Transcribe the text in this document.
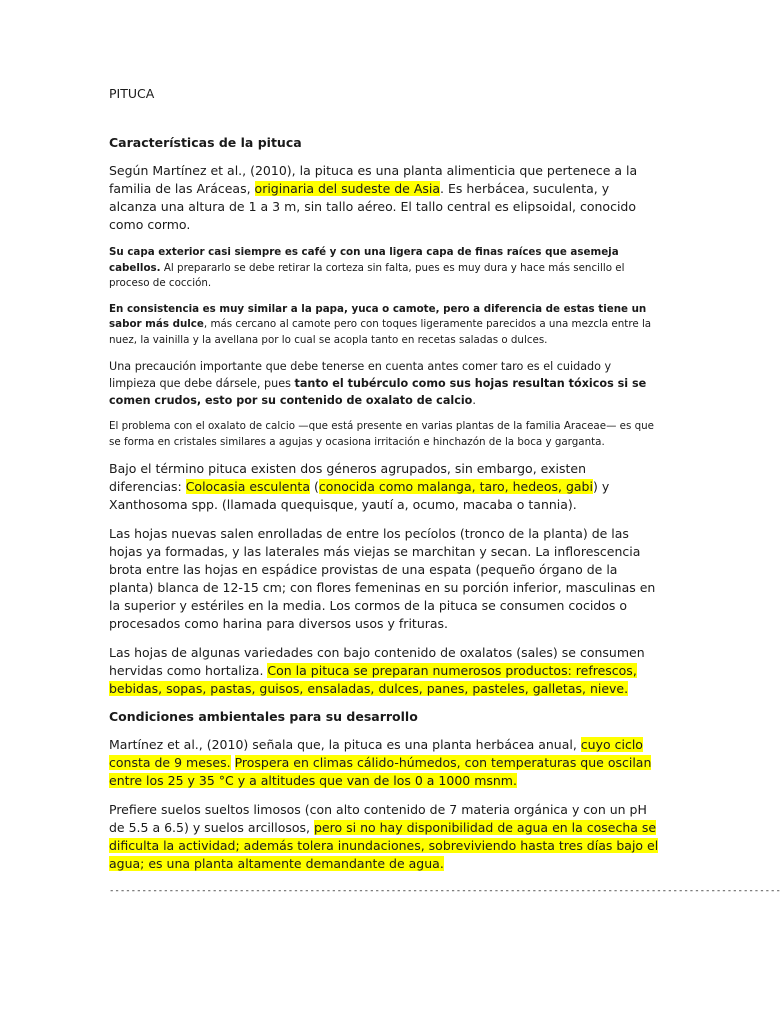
PITUCA

Características de la pituca

Según Martínez et al., (2010), la pituca es una planta alimenticia que pertenece a la familia de las Aráceas, originaria del sudeste de Asia. Es herbácea, suculenta, y alcanza una altura de 1 a 3 m, sin tallo aéreo. El tallo central es elipsoidal, conocido como cormo.

Su capa exterior casi siempre es café y con una ligera capa de finas raíces que asemeja cabellos. Al prepararlo se debe retirar la corteza sin falta, pues es muy dura y hace más sencillo el proceso de cocción.

En consistencia es muy similar a la papa, yuca o camote, pero a diferencia de estas tiene un sabor más dulce, más cercano al camote pero con toques ligeramente parecidos a una mezcla entre la nuez, la vainilla y la avellana por lo cual se acopla tanto en recetas saladas o dulces.

Una precaución importante que debe tenerse en cuenta antes comer taro es el cuidado y limpieza que debe dársele, pues tanto el tubérculo como sus hojas resultan tóxicos si se comen crudos, esto por su contenido de oxalato de calcio.

El problema con el oxalato de calcio —que está presente en varias plantas de la familia Araceae— es que se forma en cristales similares a agujas y ocasiona irritación e hinchazón de la boca y garganta.

Bajo el término pituca existen dos géneros agrupados, sin embargo, existen diferencias: Colocasia esculenta (conocida como malanga, taro, hedeos, gabi) y Xanthosoma spp. (llamada quequisque, yautí a, ocumo, macaba o tannia).

Las hojas nuevas salen enrolladas de entre los pecíolos (tronco de la planta) de las hojas ya formadas, y las laterales más viejas se marchitan y secan. La inflorescencia brota entre las hojas en espádice provistas de una espata (pequeño órgano de la planta) blanca de 12-15 cm; con flores femeninas en su porción inferior, masculinas en la superior y estériles en la media. Los cormos de la pituca se consumen cocidos o procesados como harina para diversos usos y frituras.

Las hojas de algunas variedades con bajo contenido de oxalatos (sales) se consumen hervidas como hortaliza. Con la pituca se preparan numerosos productos: refrescos, bebidas, sopas, pastas, guisos, ensaladas, dulces, panes, pasteles, galletas, nieve.

Condiciones ambientales para su desarrollo

Martínez et al., (2010) señala que, la pituca es una planta herbácea anual, cuyo ciclo consta de 9 meses. Prospera en climas cálido-húmedos, con temperaturas que oscilan entre los 25 y 35 °C y a altitudes que van de los 0 a 1000 msnm.

Prefiere suelos sueltos limosos (con alto contenido de 7 materia orgánica y con un pH de 5.5 a 6.5) y suelos arcillosos, pero si no hay disponibilidad de agua en la cosecha se dificulta la actividad; además tolera inundaciones, sobreviviendo hasta tres días bajo el agua; es una planta altamente demandante de agua.

----------------------------------------------------------------------------------------------------------------------------
